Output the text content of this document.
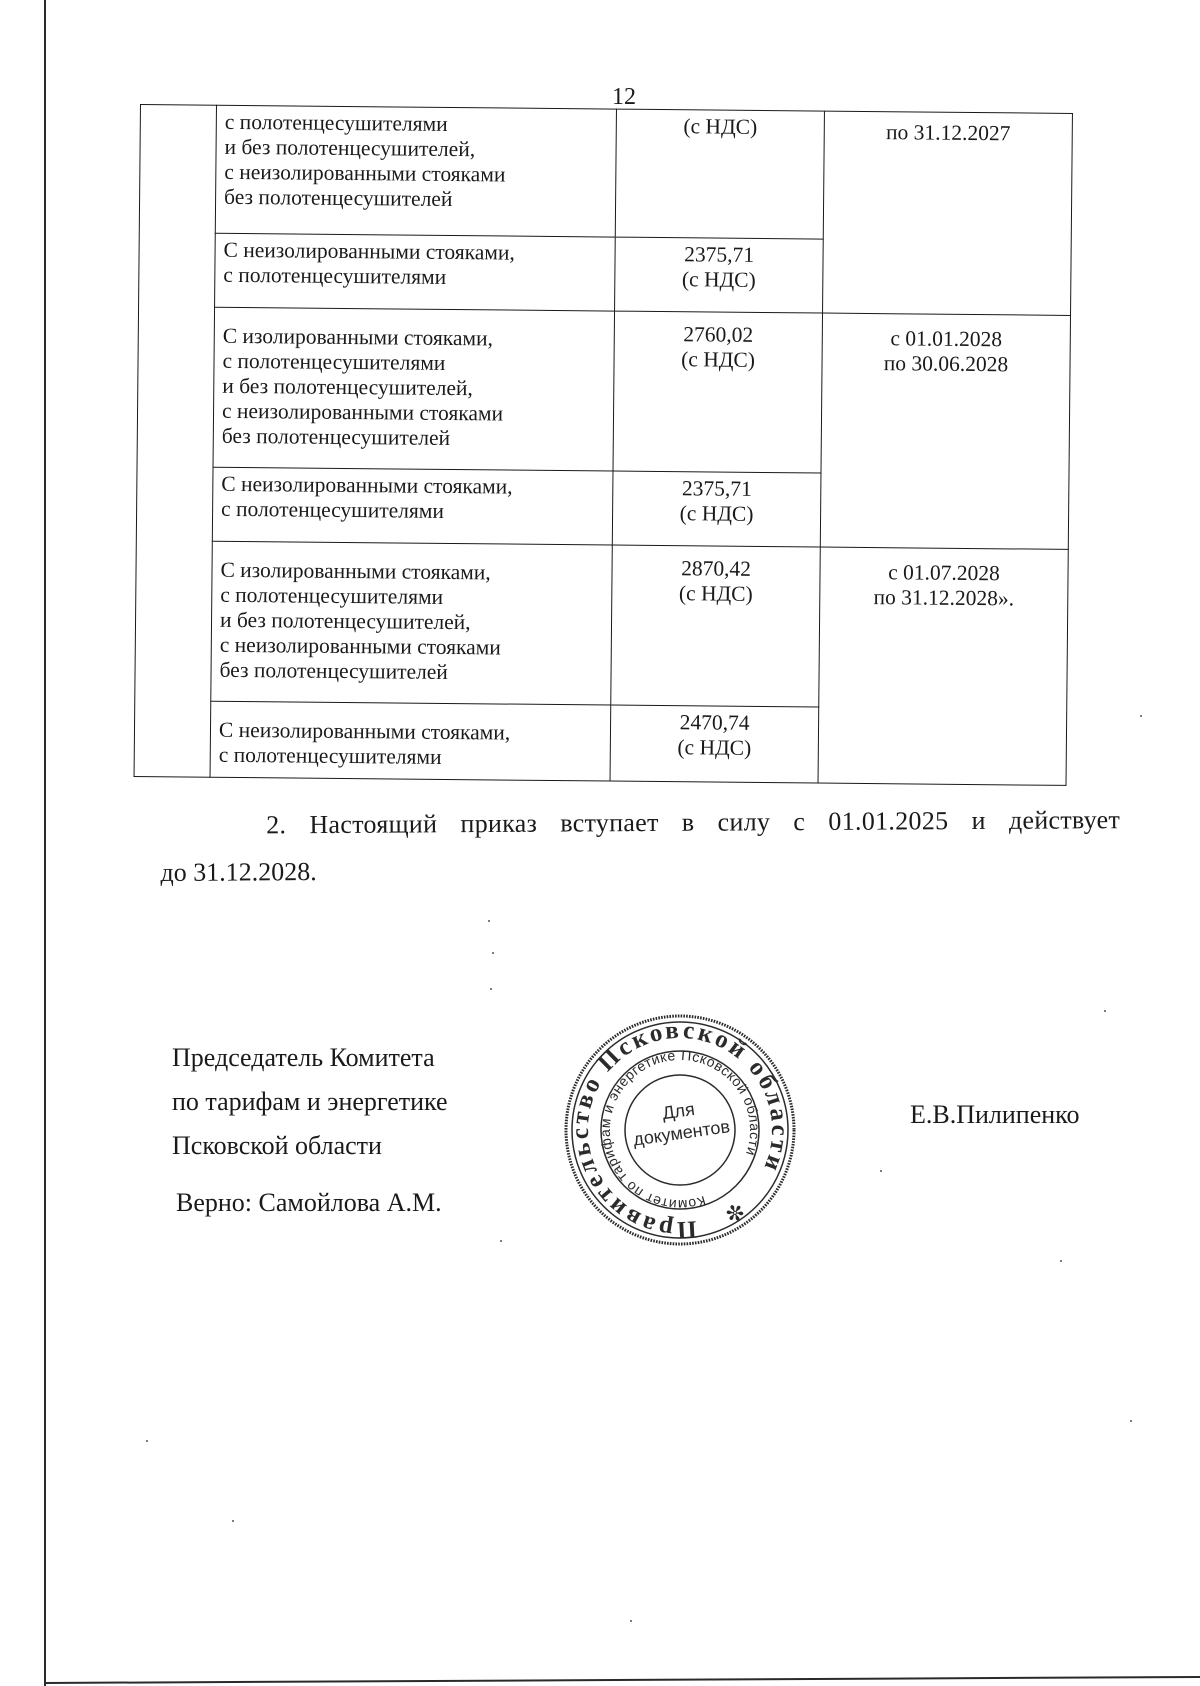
12

	с полотенцесушителями
и без полотенцесушителей,
с неизолированными стояками
без полотенцесушителей	(с НДС)	по 31.12.2027

	С неизолированными стояками,
с полотенцесушителями	2375,71
(с НДС)	

	С изолированными стояками,
с полотенцесушителями
и без полотенцесушителей,
с неизолированными стояками
без полотенцесушителей	2760,02
(с НДС)	с 01.01.2028
по 30.06.2028

	С неизолированными стояками,
с полотенцесушителями	2375,71
(с НДС)	

	С изолированными стояками,
с полотенцесушителями
и без полотенцесушителей,
с неизолированными стояками
без полотенцесушителей	2870,42
(с НДС)	с 01.07.2028
по 31.12.2028».

	С неизолированными стояками,
с полотенцесушителями	2470,74
(с НДС)	
2. Настоящий приказ вступает в силу с 01.01.2025 и действует
до 31.12.2028.
Председатель Комитета
по тарифам и энергетике
Псковской области
Верно: Самойлова А.М.
Правительство Псковской области
Комитет по тарифам и энергетике Псковской области
✼
Для
документов
Е.В.Пилипенко
